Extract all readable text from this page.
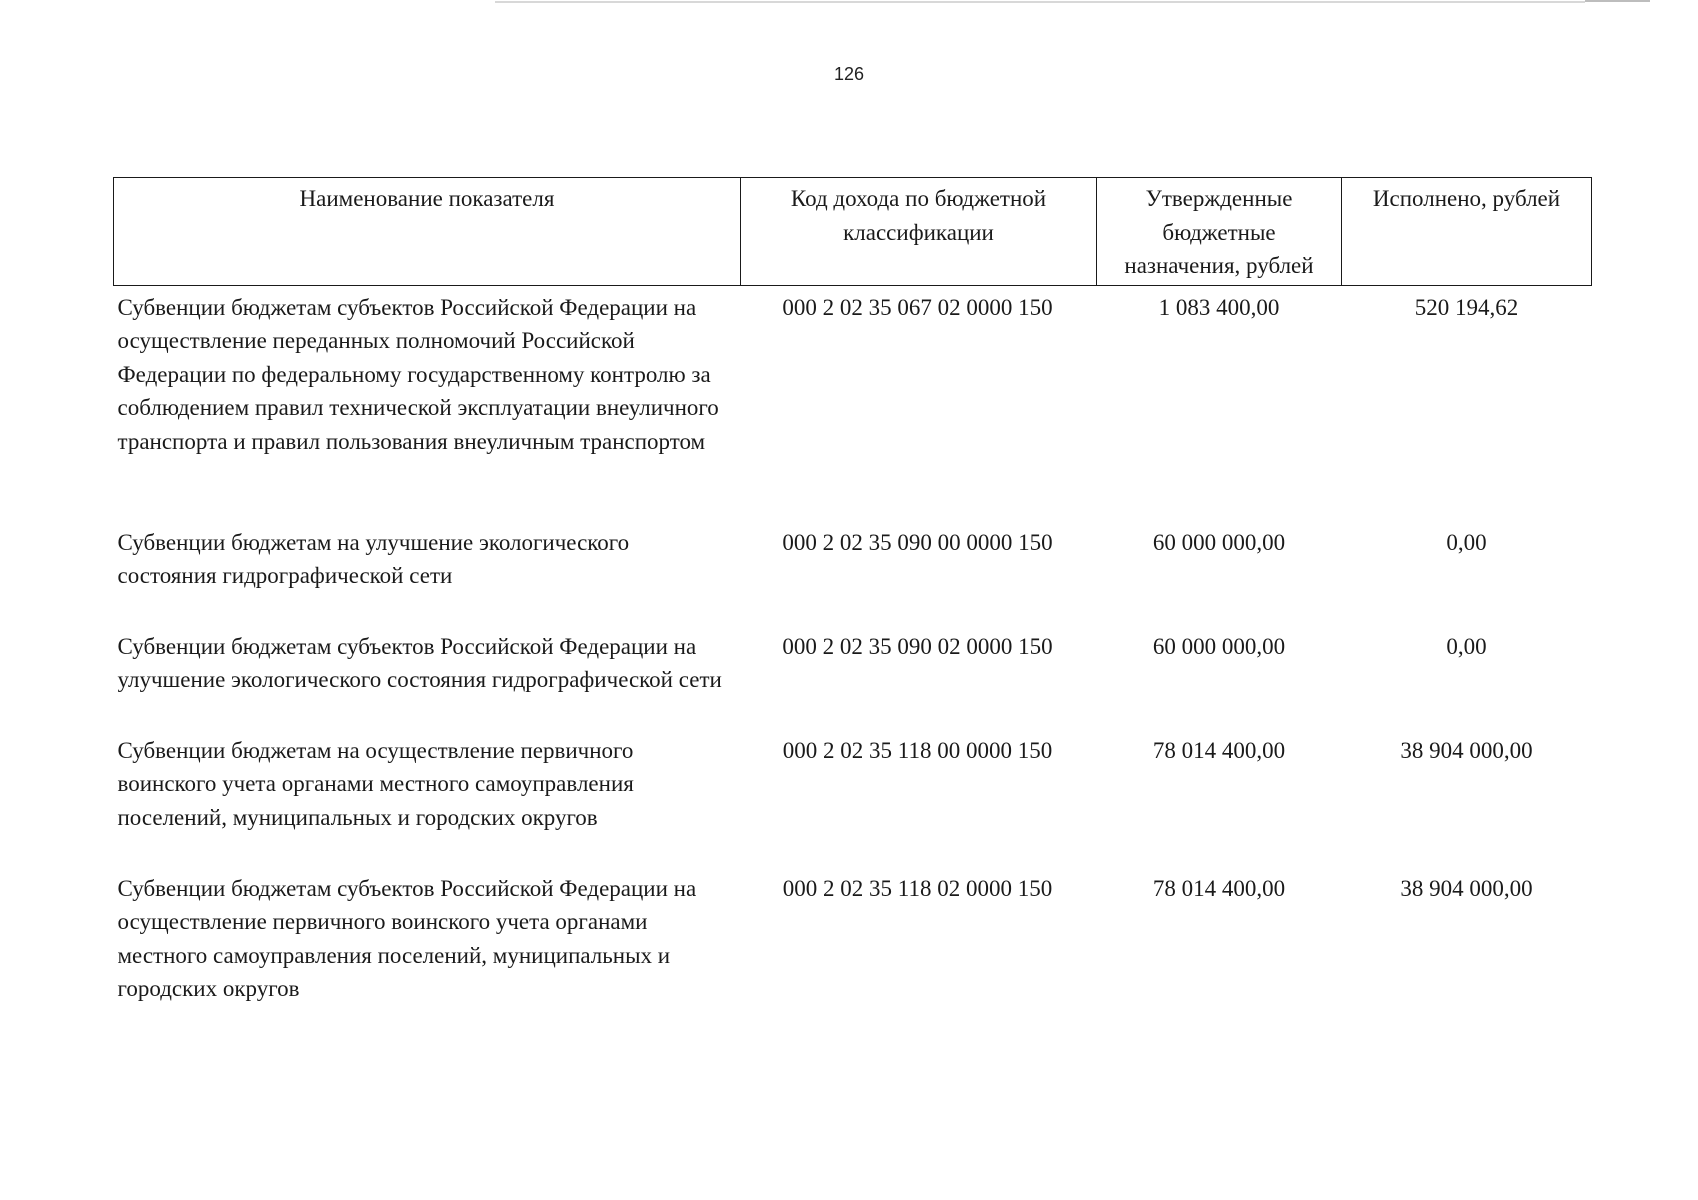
126
Наименование показателя	Код дохода по бюджетной классификации	Утвержденные бюджетные назначения, рублей	Исполнено, рублей
Субвенции бюджетам субъектов Российской Федерации на осуществление переданных полномочий Российской Федерации по федеральному государственному контролю за соблюдением правил технической эксплуатации внеуличного транспорта и правил пользования внеуличным транспортом	000 2 02 35 067 02 0000 150	1 083 400,00	520 194,62
Субвенции бюджетам на улучшение экологического состояния гидрографической сети	000 2 02 35 090 00 0000 150	60 000 000,00	0,00
Субвенции бюджетам субъектов Российской Федерации на улучшение экологического состояния гидрографической сети	000 2 02 35 090 02 0000 150	60 000 000,00	0,00
Субвенции бюджетам на осуществление первичного воинского учета органами местного самоуправления поселений, муниципальных и городских округов	000 2 02 35 118 00 0000 150	78 014 400,00	38 904 000,00
Субвенции бюджетам субъектов Российской Федерации на осуществление первичного воинского учета органами местного самоуправления поселений, муниципальных и городских округов	000 2 02 35 118 02 0000 150	78 014 400,00	38 904 000,00
